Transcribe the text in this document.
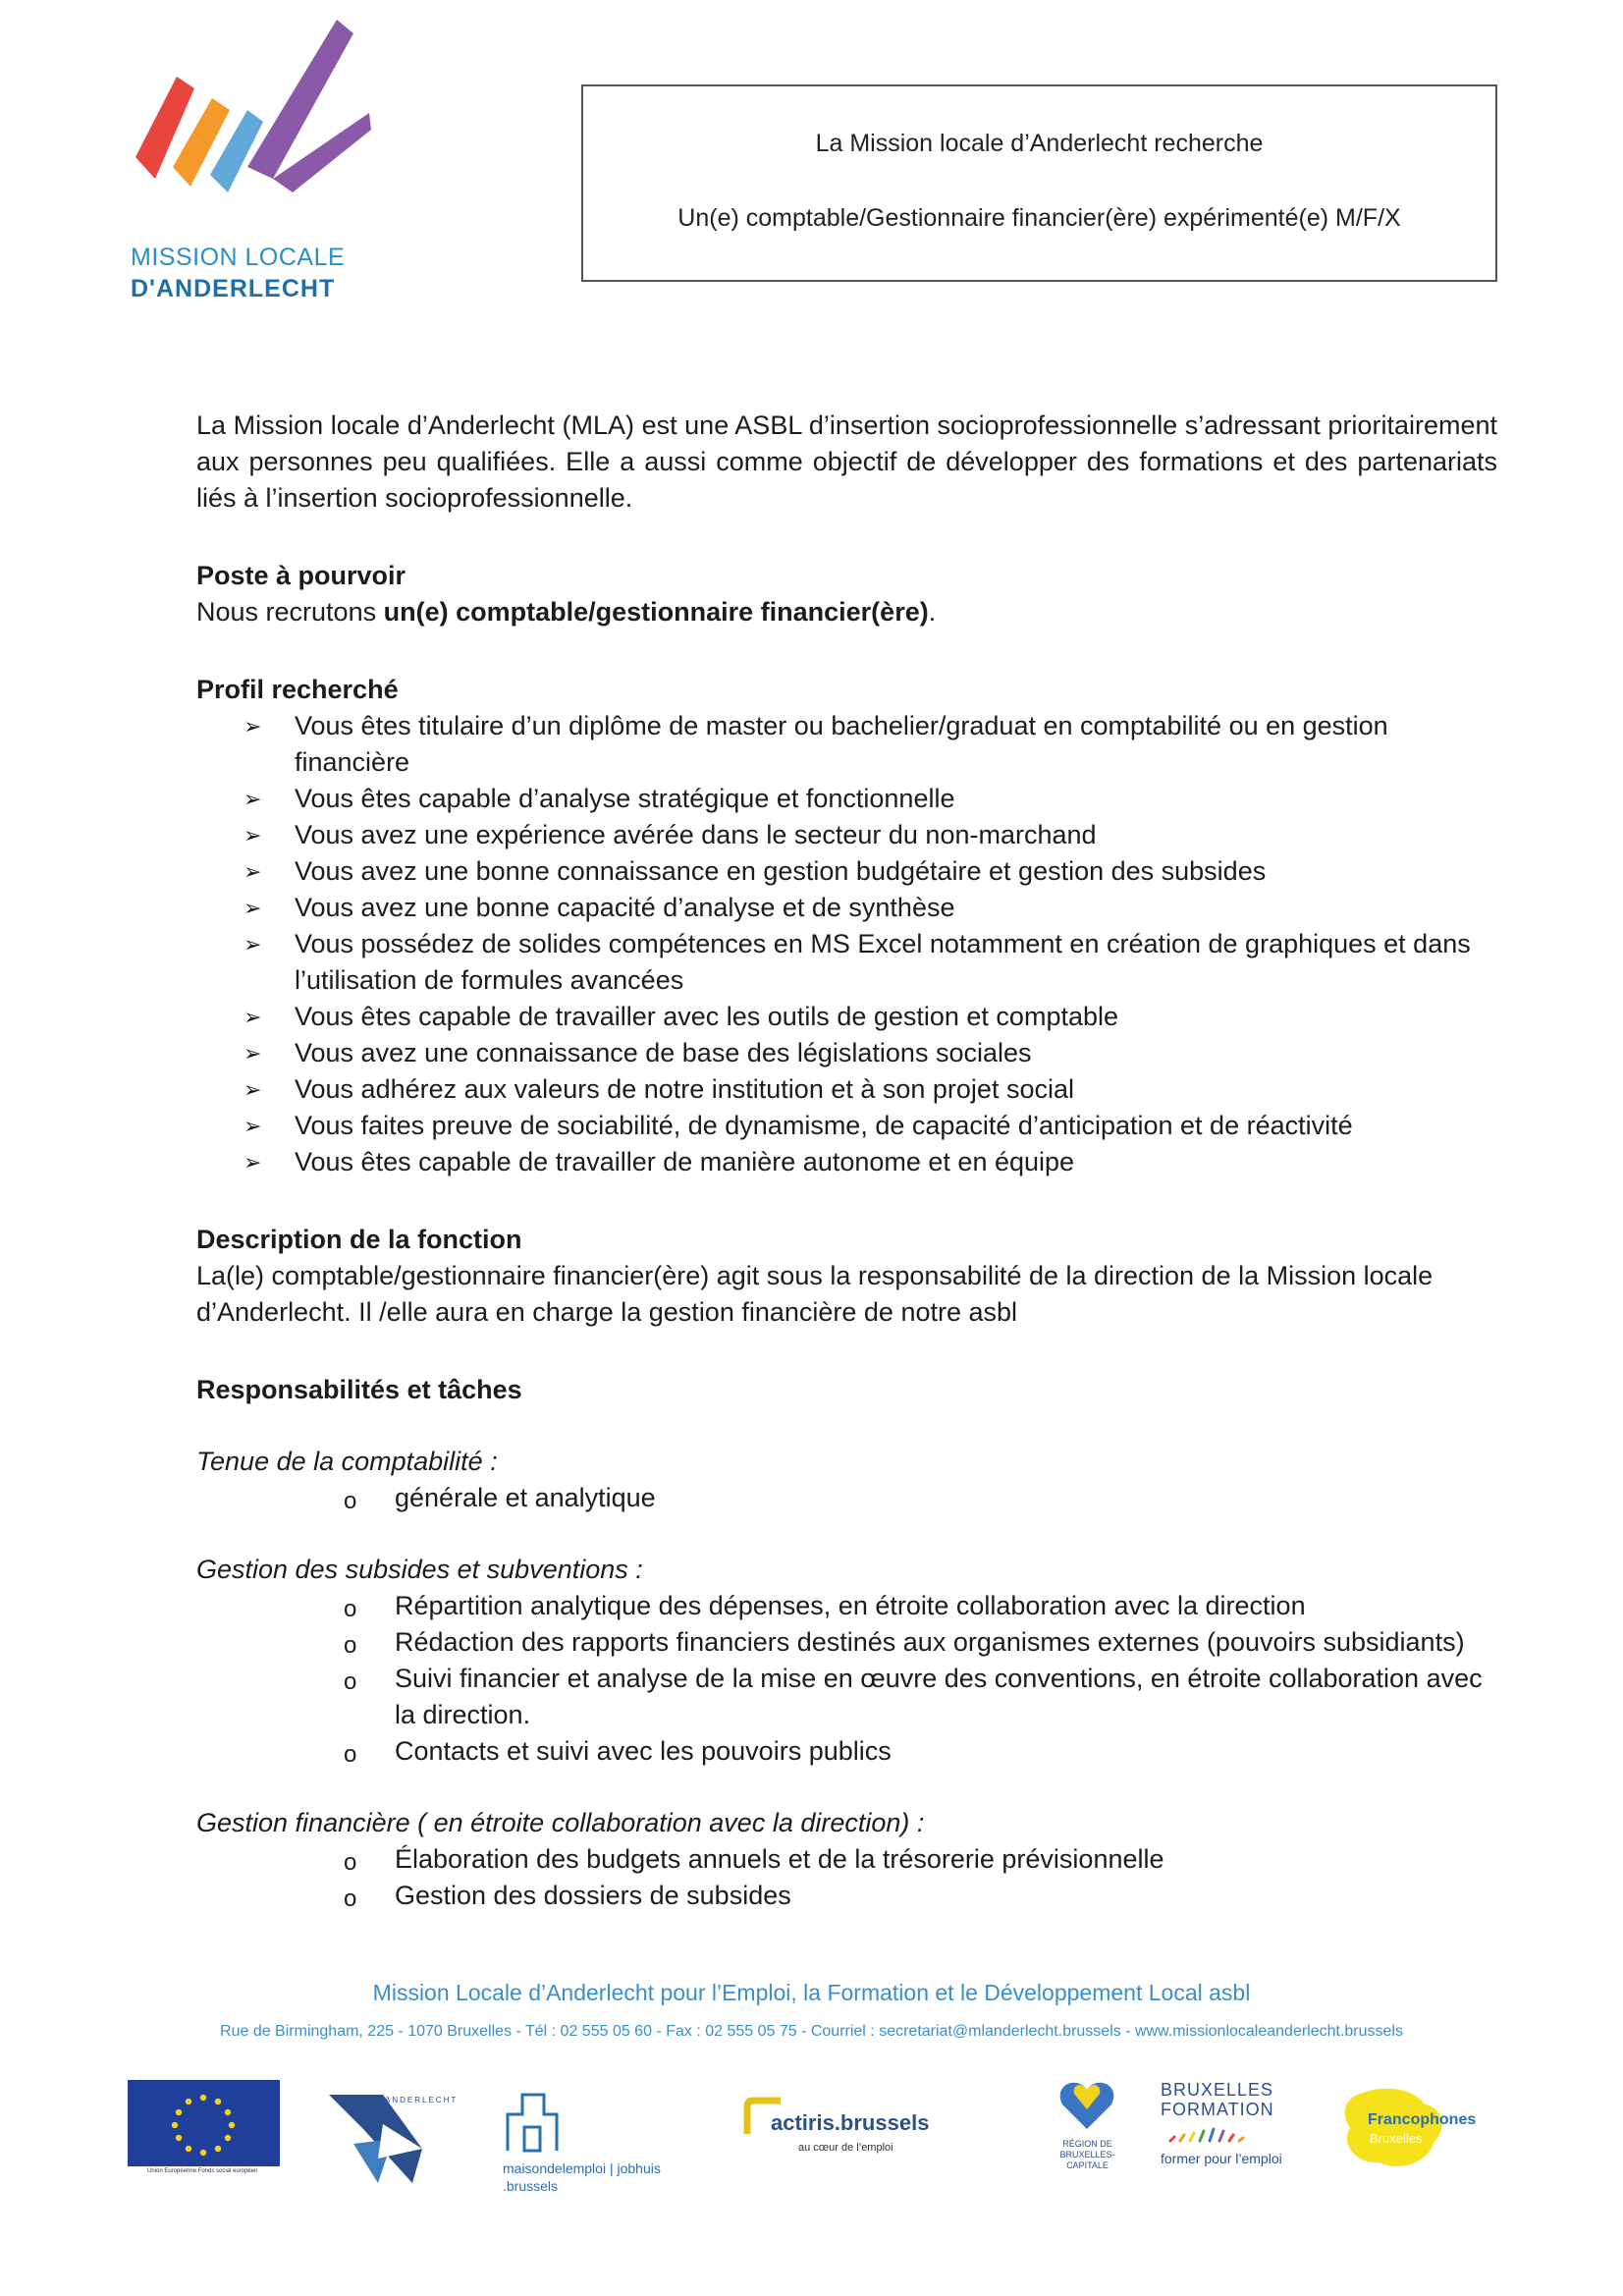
MISSION LOCALE
D'ANDERLECHT
La Mission locale d’Anderlecht recherche
Un(e) comptable/Gestionnaire financier(ère) expérimenté(e) M/F/X

La Mission locale d’Anderlecht (MLA) est une ASBL d’insertion socioprofessionnelle s’adressant prioritairement aux personnes peu qualifiées. Elle a aussi comme objectif de développer des formations et des partenariats liés à l’insertion socioprofessionnelle.

Poste à pourvoir

Nous recrutons un(e) comptable/gestionnaire financier(ère).

Profil recherché

➢ Vous êtes titulaire d’un diplôme de master ou bachelier/graduat en comptabilité ou en gestion financière
➢ Vous êtes capable d’analyse stratégique et fonctionnelle
➢ Vous avez une expérience avérée dans le secteur du non-marchand
➢ Vous avez une bonne connaissance en gestion budgétaire et gestion des subsides
➢ Vous avez une bonne capacité d’analyse et de synthèse
➢ Vous possédez de solides compétences en MS Excel notamment en création de graphiques et dans l’utilisation de formules avancées
➢ Vous êtes capable de travailler avec les outils de gestion et comptable
➢ Vous avez une connaissance de base des législations sociales
➢ Vous adhérez aux valeurs de notre institution et à son projet social
➢ Vous faites preuve de sociabilité, de dynamisme, de capacité d’anticipation et de réactivité
➢ Vous êtes capable de travailler de manière autonome et en équipe

Description de la fonction

La(le) comptable/gestionnaire financier(ère) agit sous la responsabilité de la direction de la Mission locale d’Anderlecht. Il /elle aura en charge la gestion financière de notre asbl

Responsabilités et tâches

Tenue de la comptabilité :

o générale et analytique

Gestion des subsides et subventions :

o Répartition analytique des dépenses, en étroite collaboration avec la direction
o Rédaction des rapports financiers destinés aux organismes externes (pouvoirs subsidiants)
o Suivi financier et analyse de la mise en œuvre des conventions, en étroite collaboration avec la direction.
o Contacts et suivi avec les pouvoirs publics

Gestion financière ( en étroite collaboration avec la direction) :

o Élaboration des budgets annuels et de la trésorerie prévisionnelle
o Gestion des dossiers de subsides
Mission Locale d’Anderlecht pour l’Emploi, la Formation et le Développement Local asbl
Rue de Birmingham, 225 - 1070 Bruxelles - Tél : 02 555 05 60 - Fax : 02 555 05 75 - Courriel : secretariat@mlanderlecht.brussels - www.missionlocaleanderlecht.brussels
Union Européenne Fonds social européen
ANDERLECHT
maisondelemploi | jobhuis
.brussels
actiris.brussels
au cœur de l’emploi	RÉGION DE
BRUXELLES-
CAPITALE
BRUXELLES
FORMATION
former pour l’emploi
Francophones
Bruxelles
